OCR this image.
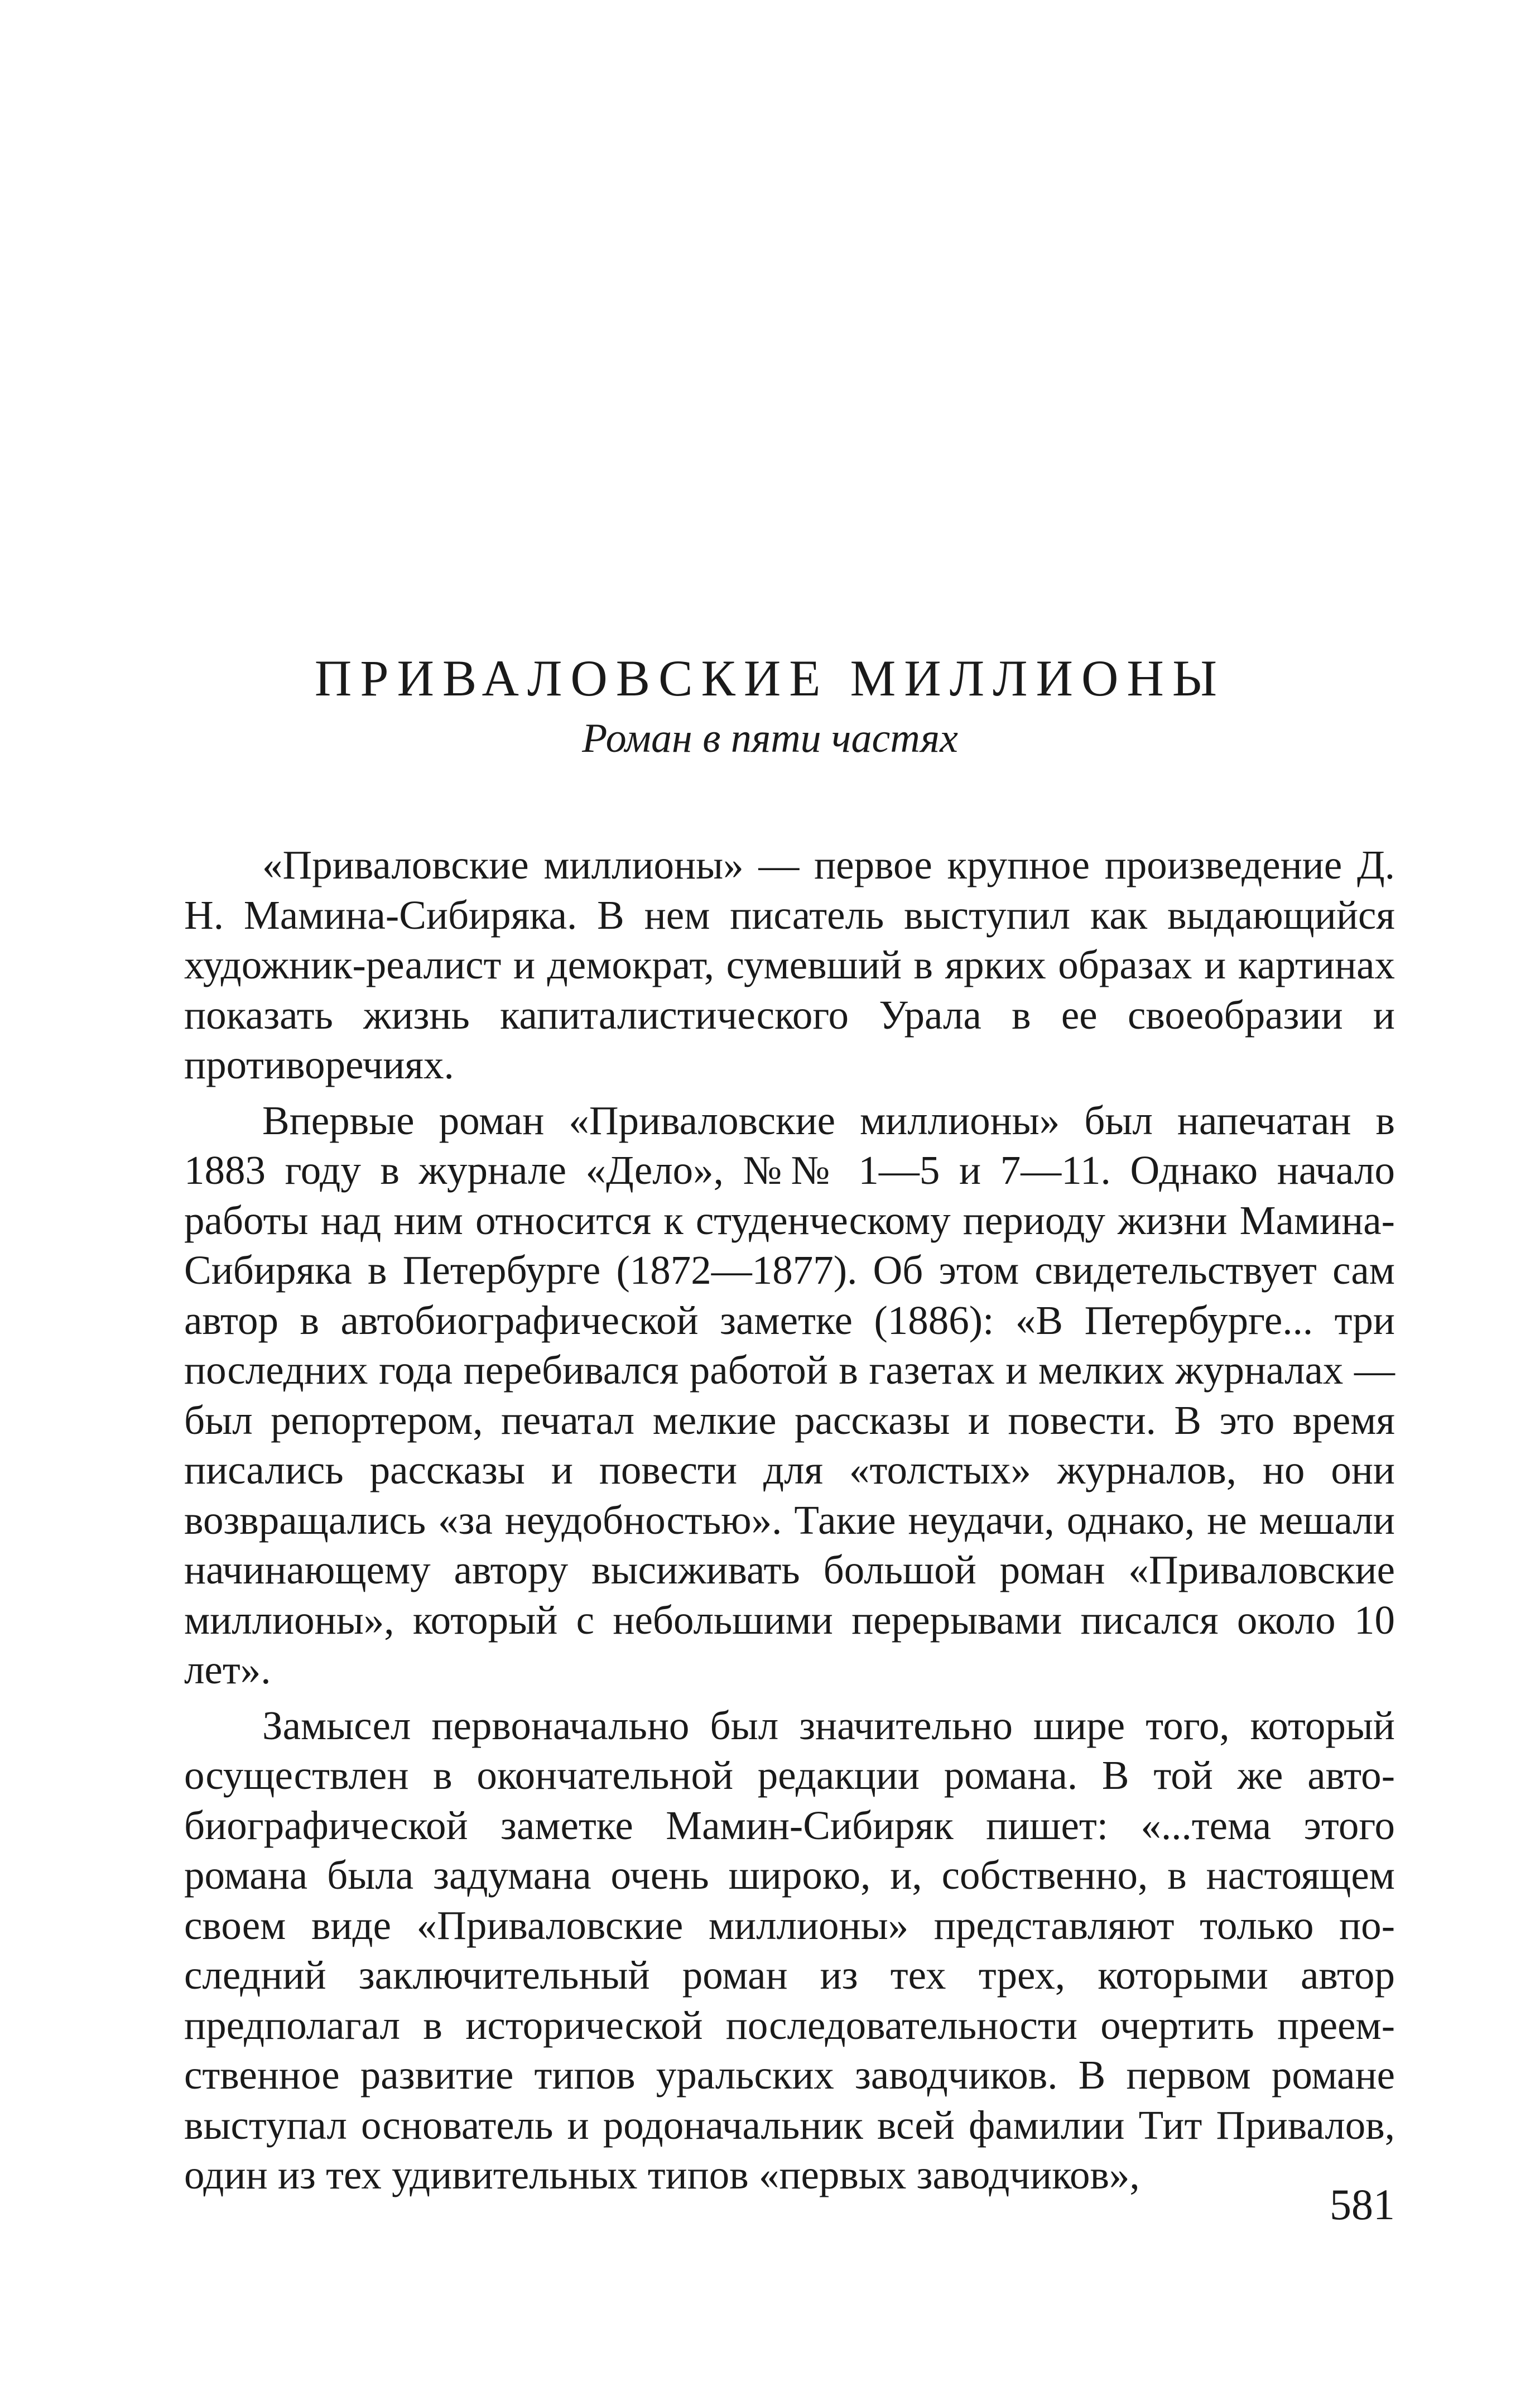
ПРИВАЛОВСКИЕ МИЛЛИОНЫ
Роман в пяти частях

«Приваловские миллионы» — первое крупное произведение Д. Н. Мамина-Сибиряка. В нем писатель выступил как выдающийся художник-реалист и демократ, сумевший в ярких образах и картинах показать жизнь капиталистического Урала в ее своеобразии и противоречиях.

Впервые роман «Приваловские миллионы» был напечатан в 1883 году в журнале «Дело», №№ 1—5 и 7—11. Однако начало работы над ним относится к студенческому периоду жизни Мамина-Сибиряка в Петербурге (1872—1877). Об этом свидетельствует сам автор в автобиографической заметке (1886): «В Петербурге... три последних года перебивался работой в газетах и мелких журналах — был репортером, печатал мелкие рассказы и повести. В это время писались рассказы и повести для «толстых» журналов, но они возвращались «за неудобностью». Такие неудачи, однако, не мешали начинающему автору высиживать большой роман «Приваловские миллионы», который с небольшими перерывами писался около 10 лет».

Замысел первоначально был значительно шире того, который осуществлен в окончательной редакции романа. В той же автобиографической заметке Мамин-Сибиряк пишет: «...тема этого романа была задумана очень широко, и, собственно, в настоящем своем виде «Приваловские миллионы» представляют только последний заключительный роман из тех трех, которыми автор предполагал в исторической последовательности очертить преемственное развитие типов уральских заводчиков. В первом романе выступал основатель и родоначальник всей фамилии Тит Привалов, один из тех удивительных типов «первых заводчиков»,

581
